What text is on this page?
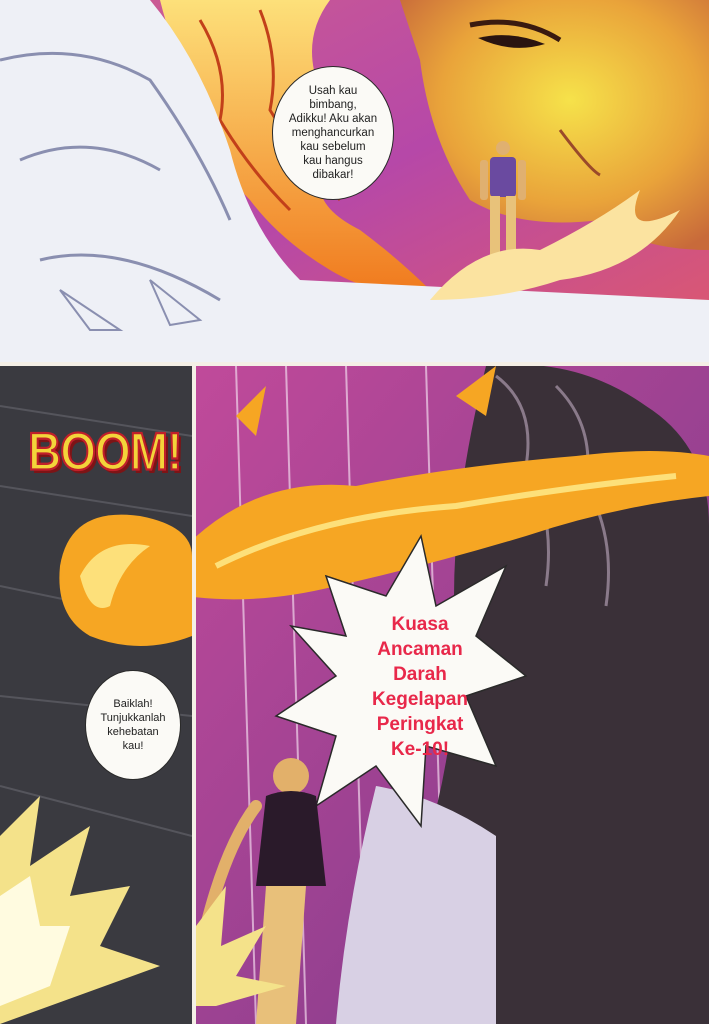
Usah kau
bimbang,
Adikku! Aku akan
menghancurkan
kau sebelum
kau hangus
dibakar!
BOOM!
Baiklah!
Tunjukkanlah
kehebatan
kau!
Kuasa
Ancaman
Darah
Kegelapan
Peringkat
Ke-10!
